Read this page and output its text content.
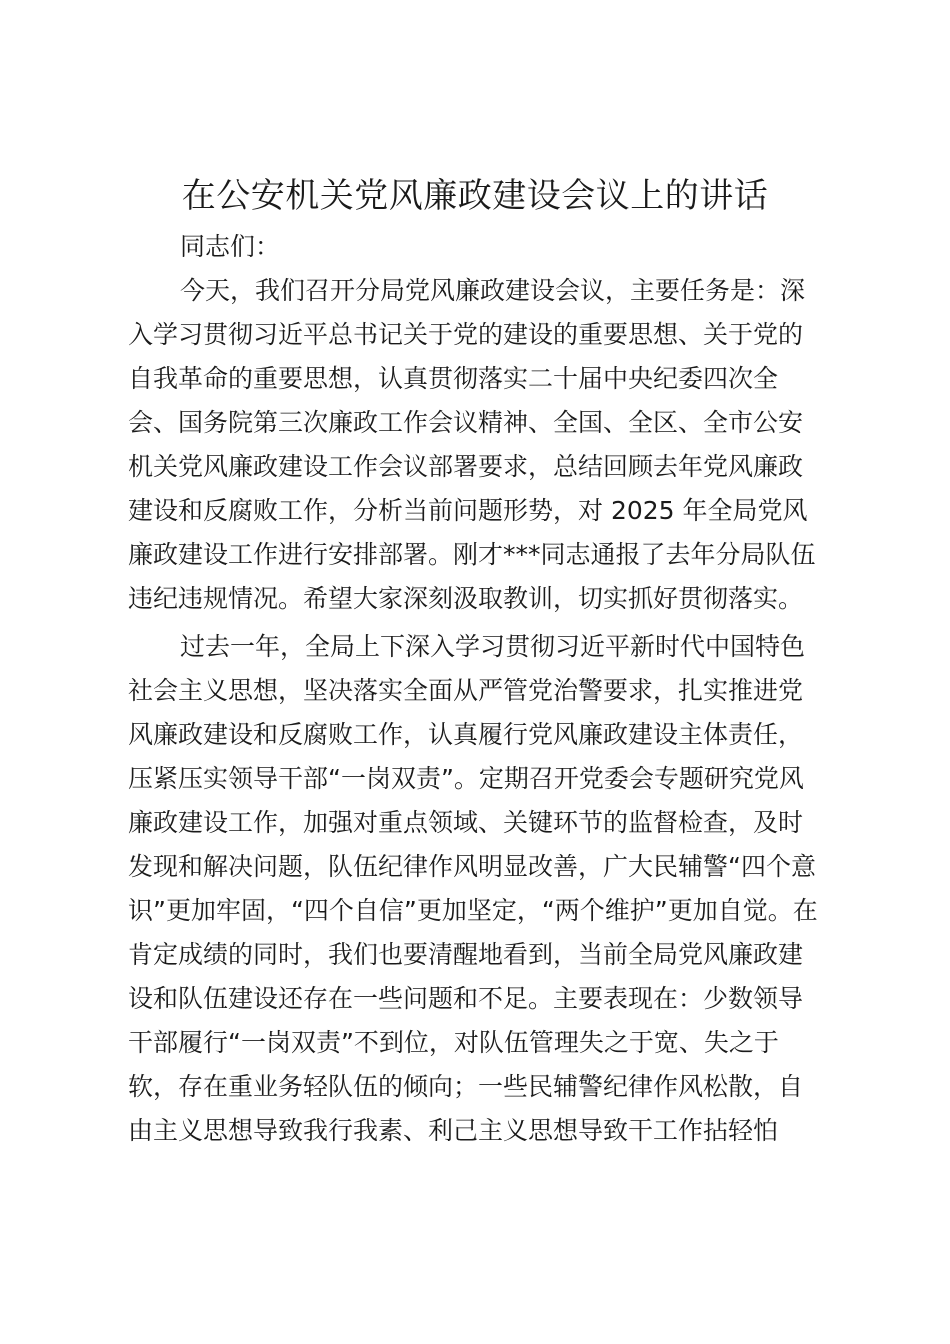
在公安机关党风廉政建设会议上的讲话
同志们：
今天，我们召开分局党风廉政建设会议，主要任务是：深
入学习贯彻习近平总书记关于党的建设的重要思想、关于党的
自我革命的重要思想，认真贯彻落实二十届中央纪委四次全
会、国务院第三次廉政工作会议精神、全国、全区、全市公安
机关党风廉政建设工作会议部署要求，总结回顾去年党风廉政
建设和反腐败工作，分析当前问题形势，对 2025 年全局党风
廉政建设工作进行安排部署。刚才***同志通报了去年分局队伍
违纪违规情况。希望大家深刻汲取教训，切实抓好贯彻落实。
过去一年，全局上下深入学习贯彻习近平新时代中国特色
社会主义思想，坚决落实全面从严管党治警要求，扎实推进党
风廉政建设和反腐败工作，认真履行党风廉政建设主体责任，
压紧压实领导干部“一岗双责”。定期召开党委会专题研究党风
廉政建设工作，加强对重点领域、关键环节的监督检查，及时
发现和解决问题，队伍纪律作风明显改善，广大民辅警“四个意
识”更加牢固，“四个自信”更加坚定，“两个维护”更加自觉。在
肯定成绩的同时，我们也要清醒地看到，当前全局党风廉政建
设和队伍建设还存在一些问题和不足。主要表现在：少数领导
干部履行“一岗双责”不到位，对队伍管理失之于宽、失之于
软，存在重业务轻队伍的倾向；一些民辅警纪律作风松散，自
由主义思想导致我行我素、利己主义思想导致干工作拈轻怕
